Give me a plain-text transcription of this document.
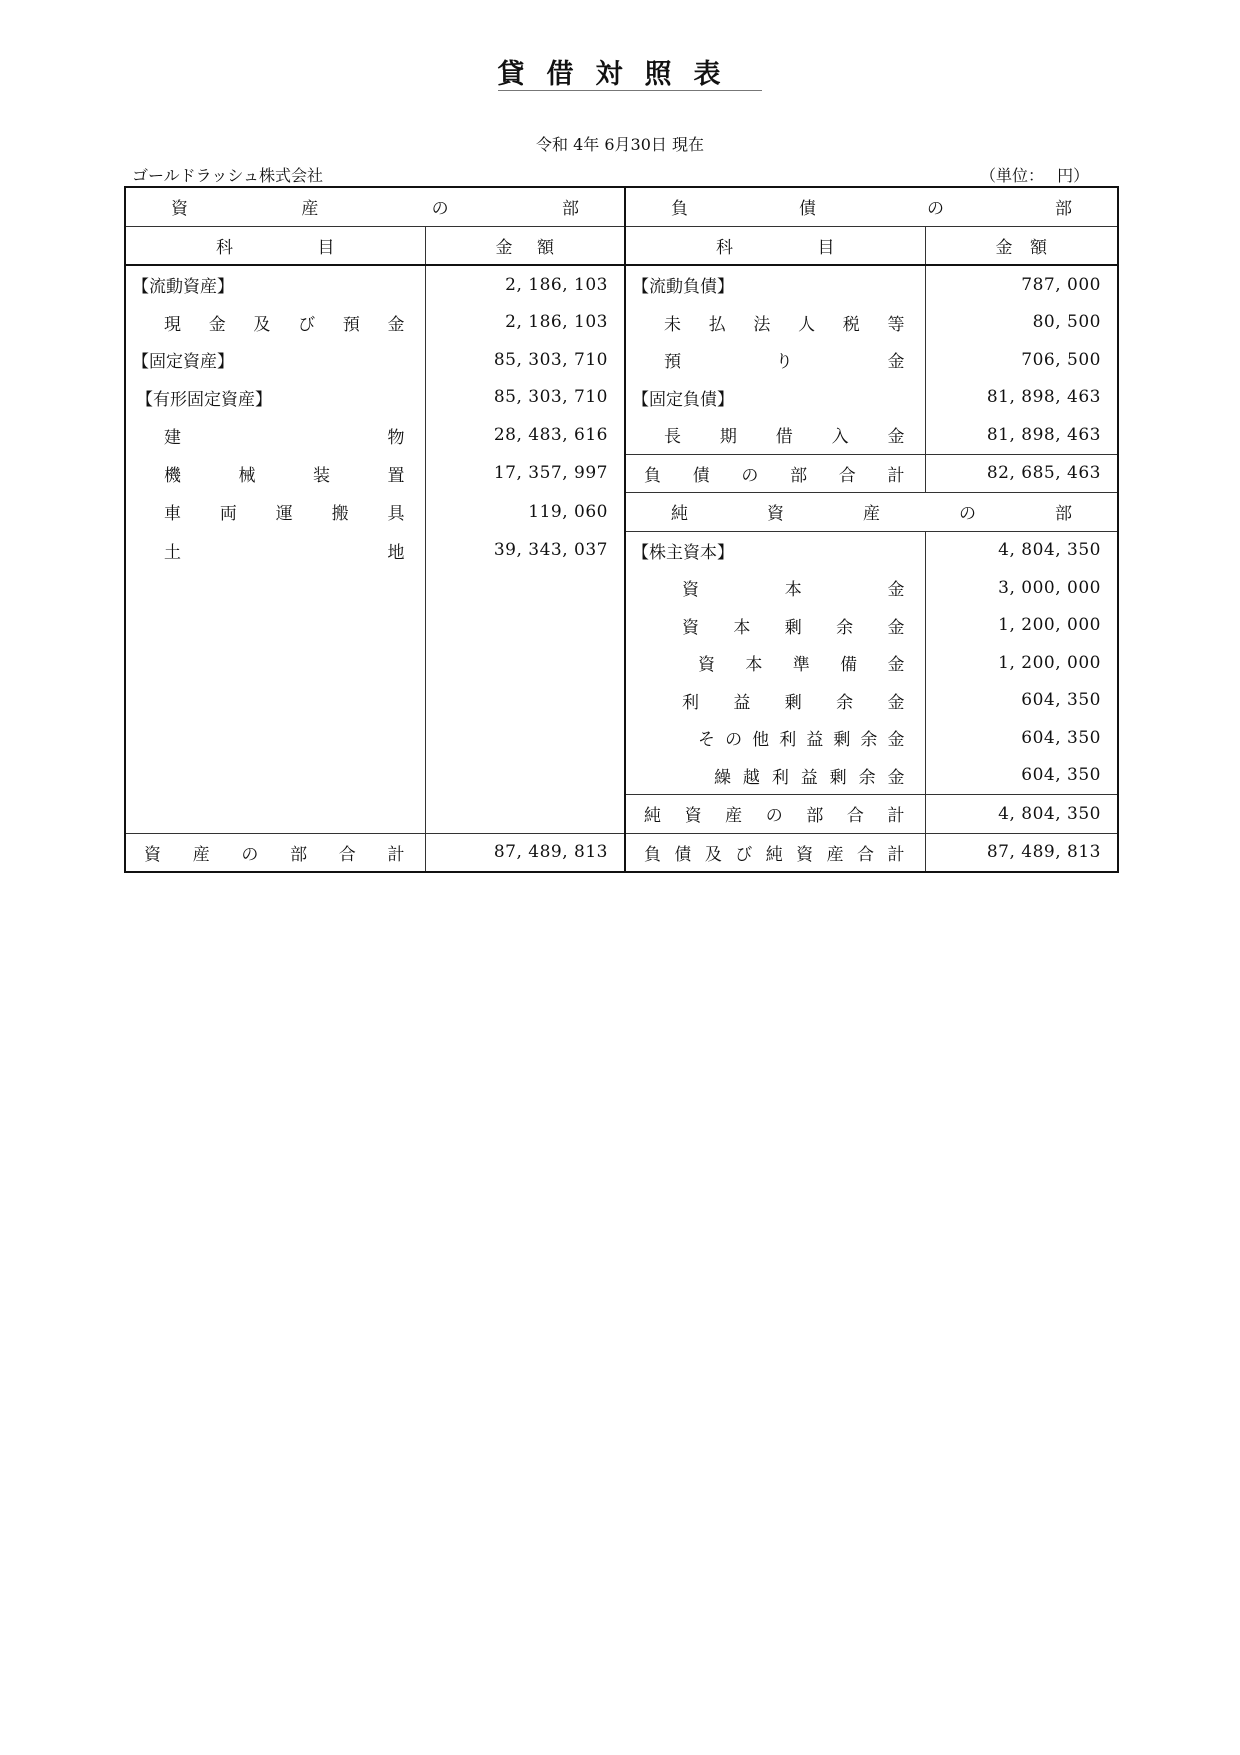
貸借対照表
令和 4年 6月30日 現在
ゴールドラッシュ株式会社	（単位：　 円）
資産の部		負債の部	
科目	金額	科目	金額
【流動資産】	2, 186, 103	【流動負債】	787, 000
現金及び預金	2, 186, 103	未払法人税等	80, 500
【固定資産】	85, 303, 710	預り金	706, 500
【有形固定資産】	85, 303, 710	【固定負債】	81, 898, 463
建物	28, 483, 616	長期借入金	81, 898, 463
機械装置	17, 357, 997	負債の部合計	82, 685, 463
車両運搬具	119, 060	純資産の部	
土地	39, 343, 037	【株主資本】	4, 804, 350
		資本金	3, 000, 000
		資本剰余金	1, 200, 000
		資本準備金	1, 200, 000
		利益剰余金	604, 350
		その他利益剰余金	604, 350
		繰越利益剰余金	604, 350
		純資産の部合計	4, 804, 350
資産の部合計	87, 489, 813	負債及び純資産合計	87, 489, 813
